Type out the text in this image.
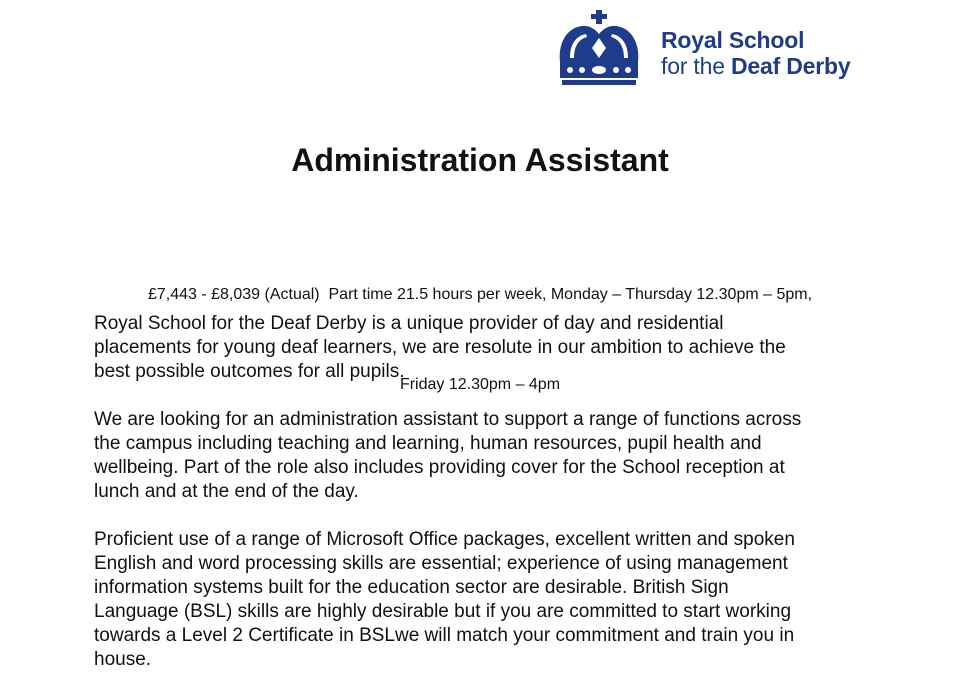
Royal School
for the Deaf Derby
Administration Assistant

£7,443 - £8,039 (Actual)  Part time 21.5 hours per week, Monday – Thursday 12.30pm – 5pm,

Friday 12.30pm – 4pm

Royal School for the Deaf Derby is a unique provider of day and residential
placements for young deaf learners, we are resolute in our ambition to achieve the
best possible outcomes for all pupils.

We are looking for an administration assistant to support a range of functions across
the campus including teaching and learning, human resources, pupil health and
wellbeing. Part of the role also includes providing cover for the School reception at
lunch and at the end of the day.

Proficient use of a range of Microsoft Office packages, excellent written and spoken
English and word processing skills are essential; experience of using management
information systems built for the education sector are desirable. British Sign
Language (BSL) skills are highly desirable but if you are committed to start working
towards a Level 2 Certificate in BSLwe will match your commitment and train you in
house.
